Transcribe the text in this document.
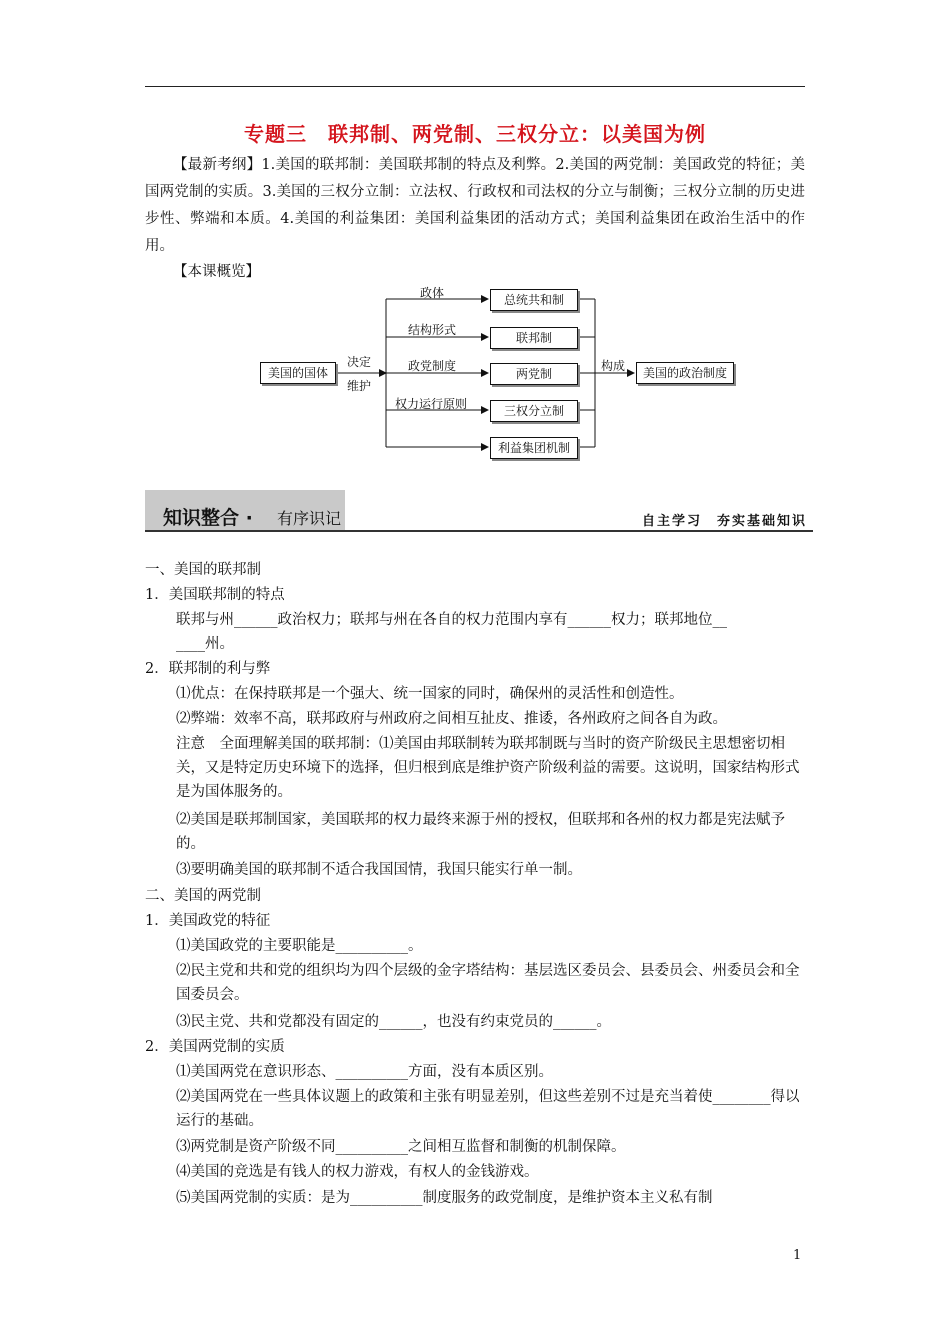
专题三　联邦制、两党制、三权分立：以美国为例
【最新考纲】1.美国的联邦制：美国联邦制的特点及利弊。2.美国的两党制：美国政党的特征；美国两党制的实质。3.美国的三权分立制：立法权、行政权和司法权的分立与制衡；三权分立制的历史进步性、弊端和本质。4.美国的利益集团：美国利益集团的活动方式；美国利益集团在政治生活中的作用。
【本课概览】
美国的国体
决定
维护
政体
结构形式
政党制度
权力运行原则
总统共和制
联邦制
两党制
三权分立制
利益集团机制
构成	美国的政治制度
知识整合 · 有序识记	自主学习　夯实基础知识
一、美国的联邦制
1．美国联邦制的特点
联邦与州______政治权力；联邦与州在各自的权力范围内享有______权力；联邦地位__
____州。
2．联邦制的利与弊
⑴优点：在保持联邦是一个强大、统一国家的同时，确保州的灵活性和创造性。
⑵弊端：效率不高，联邦政府与州政府之间相互扯皮、推诿，各州政府之间各自为政。
注意　全面理解美国的联邦制：⑴美国由邦联制转为联邦制既与当时的资产阶级民主思想密切相关，又是特定历史环境下的选择，但归根到底是维护资产阶级利益的需要。这说明，国家结构形式是为国体服务的。
⑵美国是联邦制国家，美国联邦的权力最终来源于州的授权，但联邦和各州的权力都是宪法赋予的。
⑶要明确美国的联邦制不适合我国国情，我国只能实行单一制。
二、美国的两党制
1．美国政党的特征
⑴美国政党的主要职能是__________。
⑵民主党和共和党的组织均为四个层级的金字塔结构：基层选区委员会、县委员会、州委员会和全国委员会。
⑶民主党、共和党都没有固定的______，也没有约束党员的______。
2．美国两党制的实质
⑴美国两党在意识形态、__________方面，没有本质区别。
⑵美国两党在一些具体议题上的政策和主张有明显差别，但这些差别不过是充当着使________得以运行的基础。
⑶两党制是资产阶级不同__________之间相互监督和制衡的机制保障。
⑷美国的竞选是有钱人的权力游戏，有权人的金钱游戏。
⑸美国两党制的实质：是为__________制度服务的政党制度，是维护资本主义私有制
1
